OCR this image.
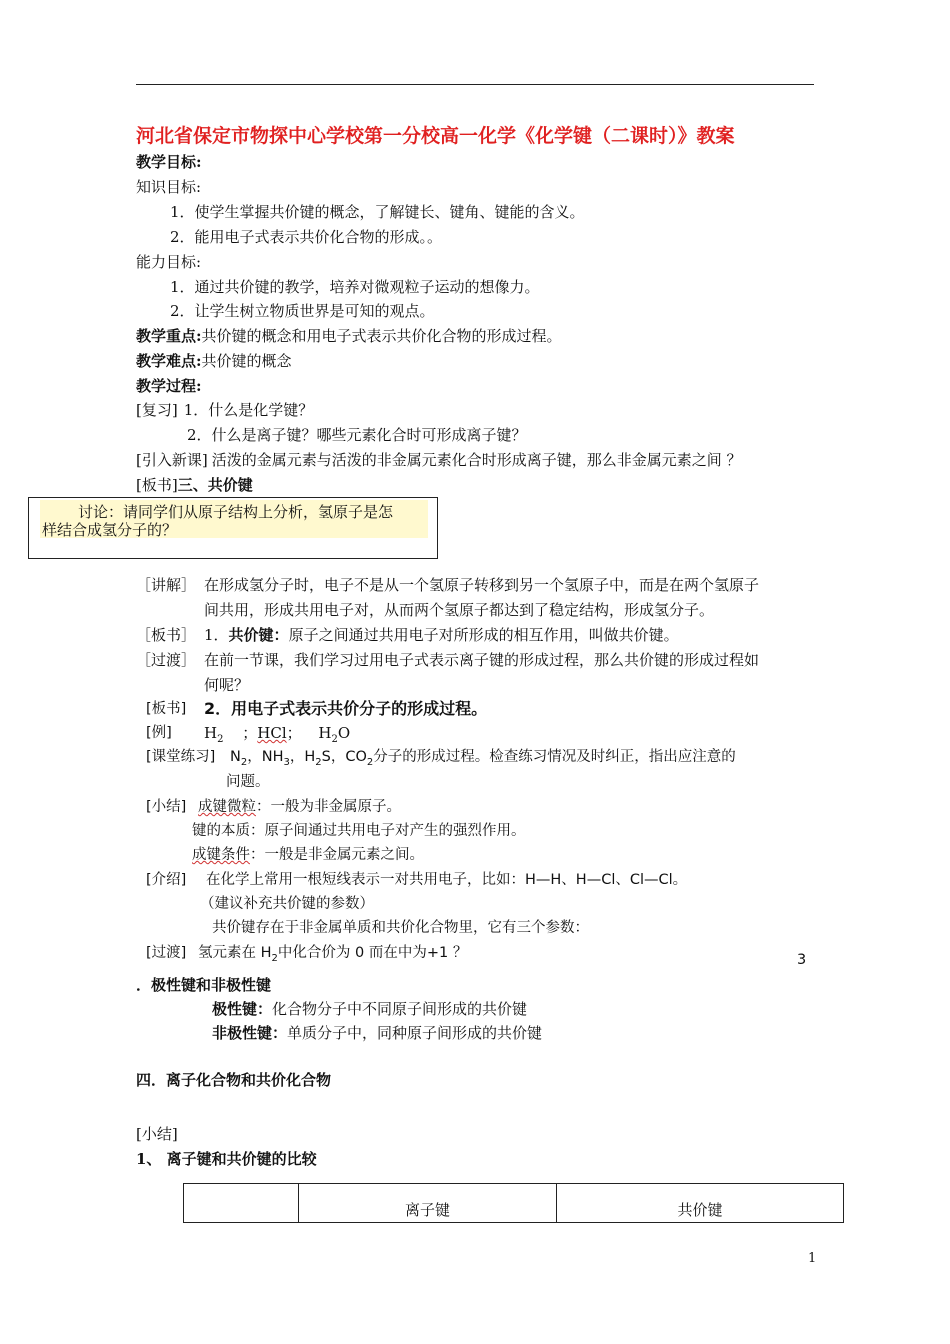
河北省保定市物探中心学校第一分校高一化学《化学键（二课时）》教案
教学目标:
知识目标:
1．使学生掌握共价键的概念，了解键长、键角、键能的含义。
2．能用电子式表示共价化合物的形成。。
能力目标:
1．通过共价键的教学，培养对微观粒子运动的想像力。
2．让学生树立物质世界是可知的观点。
教学重点:共价键的概念和用电子式表示共价化合物的形成过程。
教学难点:共价键的概念
教学过程:
[复习] 1．什么是化学键？
2．什么是离子键？哪些元素化合时可形成离子键？
[引入新课] 活泼的金属元素与活泼的非金属元素化合时形成离子键，那么非金属元素之间 ？
[板书]三、共价键
讨论：请同学们从原子结构上分析，氢原子是怎
样结合成氢分子的？
［讲解］ 在形成氢分子时，电子不是从一个氢原子转移到另一个氢原子中，而是在两个氢原子
间共用，形成共用电子对，从而两个氢原子都达到了稳定结构，形成氢分子。
［板书］ 1．共价键：原子之间通过共用电子对所形成的相互作用，叫做共价键。
［过渡］ 在前一节课，我们学习过用电子式表示离子键的形成过程，那么共价键的形成过程如
何呢？
[板书] 2．用电子式表示共价分子的形成过程。
[例] $H_2$ ；HCl； $H_2O$
[课堂练习] $N_2$，$NH_3$，$H_2S$，$CO_2$分子的形成过程。检查练习情况及时纠正，指出应注意的
问题。
[小结] 成键微粒：一般为非金属原子。
键的本质：原子间通过共用电子对产生的强烈作用。
成键条件：一般是非金属元素之间。
[介绍] 在化学上常用一根短线表示一对共用电子，比如：H—H、H—Cl、Cl—Cl。
（建议补充共价键的参数）
共价键存在于非金属单质和共价化合物里，它有三个参数：
[过渡] 氢元素在 $H_2$中化合价为 0 而在中为+1 ？	3
．极性键和非极性键
极性键：化合物分子中不同原子间形成的共价键
非极性键：单质分子中，同种原子间形成的共价键
四．离子化合物和共价化合物
[小结]
1、 离子键和共价键的比较
	离子键	共价键
1
